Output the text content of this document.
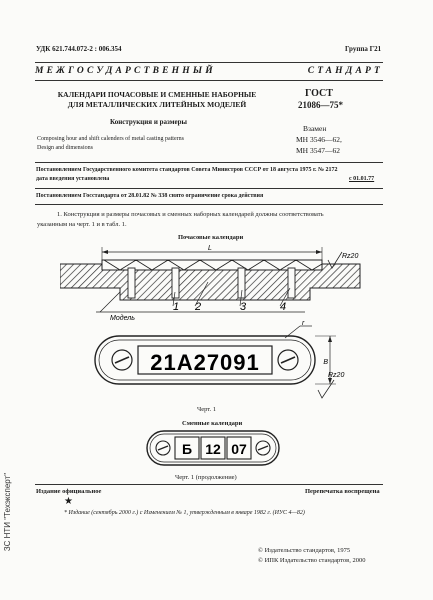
УДК 621.744.072-2 : 006.354	Группа Г21
МЕЖГОСУДАРСТВЕННЫЙ СТАНДАРТ
КАЛЕНДАРИ ПОЧАСОВЫЕ И СМЕННЫЕ НАБОРНЫЕ
ДЛЯ МЕТАЛЛИЧЕСКИХ ЛИТЕЙНЫХ МОДЕЛЕЙ
Конструкция и размеры
Composing hour and shift calenders of metal casting patterns
Design and dimensions
ГОСТ
21086—75*
Взамен
МН 3546—62,
МН 3547—62
Постановлением Государственного комитета стандартов Совета Министров СССР от 18 августа 1975 г. № 2172
дата введения установлена	с 01.01.77
Постановлением Госстандарта от 28.01.82 № 338 снято ограничение срока действия
1. Конструкция и размеры почасовых и сменных наборных календарей должны соответствовать
указанным на черт. 1 и в табл. 1.
Почасовые календари
L
Rz20
Модель
1 2	3	4
21A27091
r
B
Rz20
Черт. 1
Сменные календари
Б 12 07
Черт. 1 (продолжение)
Издание официальное	Перепечатка воспрещена
★
* Издание (сентябрь 2000 г.) с Изменением № 1, утвержденным в январе 1982 г. (ИУС 4—82)
© Издательство стандартов, 1975
© ИПК Издательство стандартов, 2000
ЗС НТИ "Техэксперт"
